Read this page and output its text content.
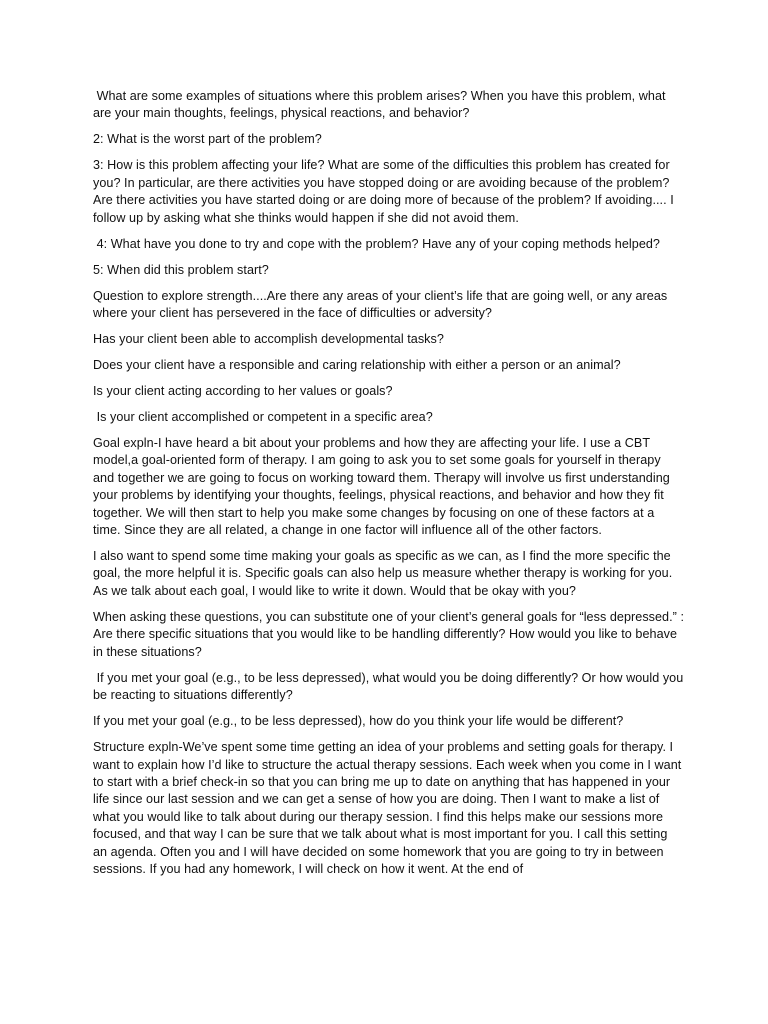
What are some examples of situations where this problem arises? When you have this problem, what are your main thoughts, feelings, physical reactions, and behavior?

2: What is the worst part of the problem?

3: How is this problem affecting your life? What are some of the difficulties this problem has created for you? In particular, are there activities you have stopped doing or are avoiding because of the problem? Are there activities you have started doing or are doing more of because of the problem? If avoiding.... I follow up by asking what she thinks would happen if she did not avoid them.

4: What have you done to try and cope with the problem? Have any of your coping methods helped?

5: When did this problem start?

Question to explore strength....Are there any areas of your client’s life that are going well, or any areas where your client has persevered in the face of difficulties or adversity?

Has your client been able to accomplish developmental tasks?

Does your client have a responsible and caring relationship with either a person or an animal?

Is your client acting according to her values or goals?

Is your client accomplished or competent in a specific area?

Goal expln-I have heard a bit about your problems and how they are affecting your life. I use a CBT model,a goal-oriented form of therapy. I am going to ask you to set some goals for yourself in therapy and together we are going to focus on working toward them. Therapy will involve us first understanding your problems by identifying your thoughts, feelings, physical reactions, and behavior and how they fit together. We will then start to help you make some changes by focusing on one of these factors at a time. Since they are all related, a change in one factor will influence all of the other factors.

I also want to spend some time making your goals as specific as we can, as I find the more specific the goal, the more helpful it is. Specific goals can also help us measure whether therapy is working for you. As we talk about each goal, I would like to write it down. Would that be okay with you?

When asking these questions, you can substitute one of your client’s general goals for “less depressed.” : Are there specific situations that you would like to be handling differently? How would you like to behave in these situations?

If you met your goal (e.g., to be less depressed), what would you be doing differently? Or how would you be reacting to situations differently?

If you met your goal (e.g., to be less depressed), how do you think your life would be different?

Structure expln-We’ve spent some time getting an idea of your problems and setting goals for therapy. I want to explain how I’d like to structure the actual therapy sessions. Each week when you come in I want to start with a brief check-in so that you can bring me up to date on anything that has happened in your life since our last session and we can get a sense of how you are doing. Then I want to make a list of what you would like to talk about during our therapy session. I find this helps make our sessions more focused, and that way I can be sure that we talk about what is most important for you. I call this setting an agenda. Often you and I will have decided on some homework that you are going to try in between sessions. If you had any homework, I will check on how it went. At the end of
